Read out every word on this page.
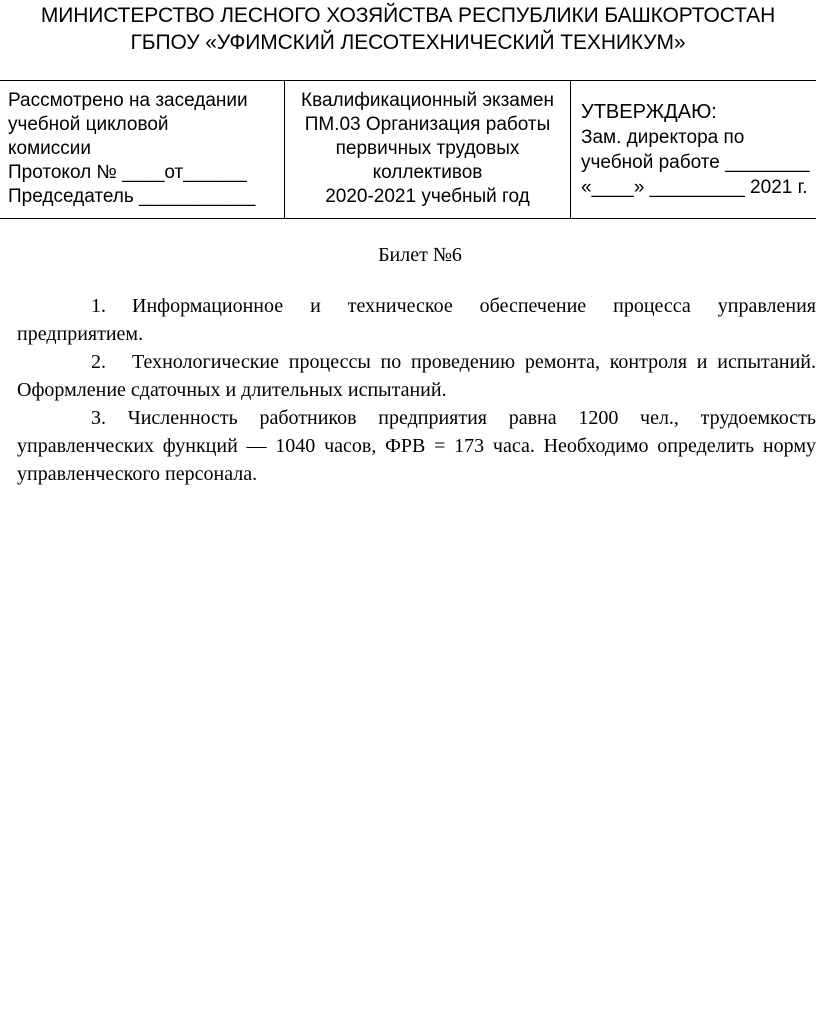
МИНИСТЕРСТВО ЛЕСНОГО ХОЗЯЙСТВА РЕСПУБЛИКИ БАШКОРТОСТАН
ГБПОУ «УФИМСКИЙ ЛЕСОТЕХНИЧЕСКИЙ ТЕХНИКУМ»
Рассмотрено на заседании
учебной цикловой
комиссии
Протокол № ____от______
Председатель ___________
Квалификационный экзамен
ПМ.03 Организация работы
первичных трудовых
коллективов
2020-2021 учебный год
УТВЕРЖДАЮ:
Зам. директора по
учебной работе ________
«____» _________ 2021 г.
Билет №6

1. Информационное и техническое обеспечение процесса управления предприятием.

2. Технологические процессы по проведению ремонта, контроля и испытаний. Оформление сдаточных и длительных испытаний.

3. Численность работников предприятия равна 1200 чел., трудоемкость управленческих функций — 1040 часов, ФРВ = 173 часа. Необходимо определить норму управленческого персонала.
